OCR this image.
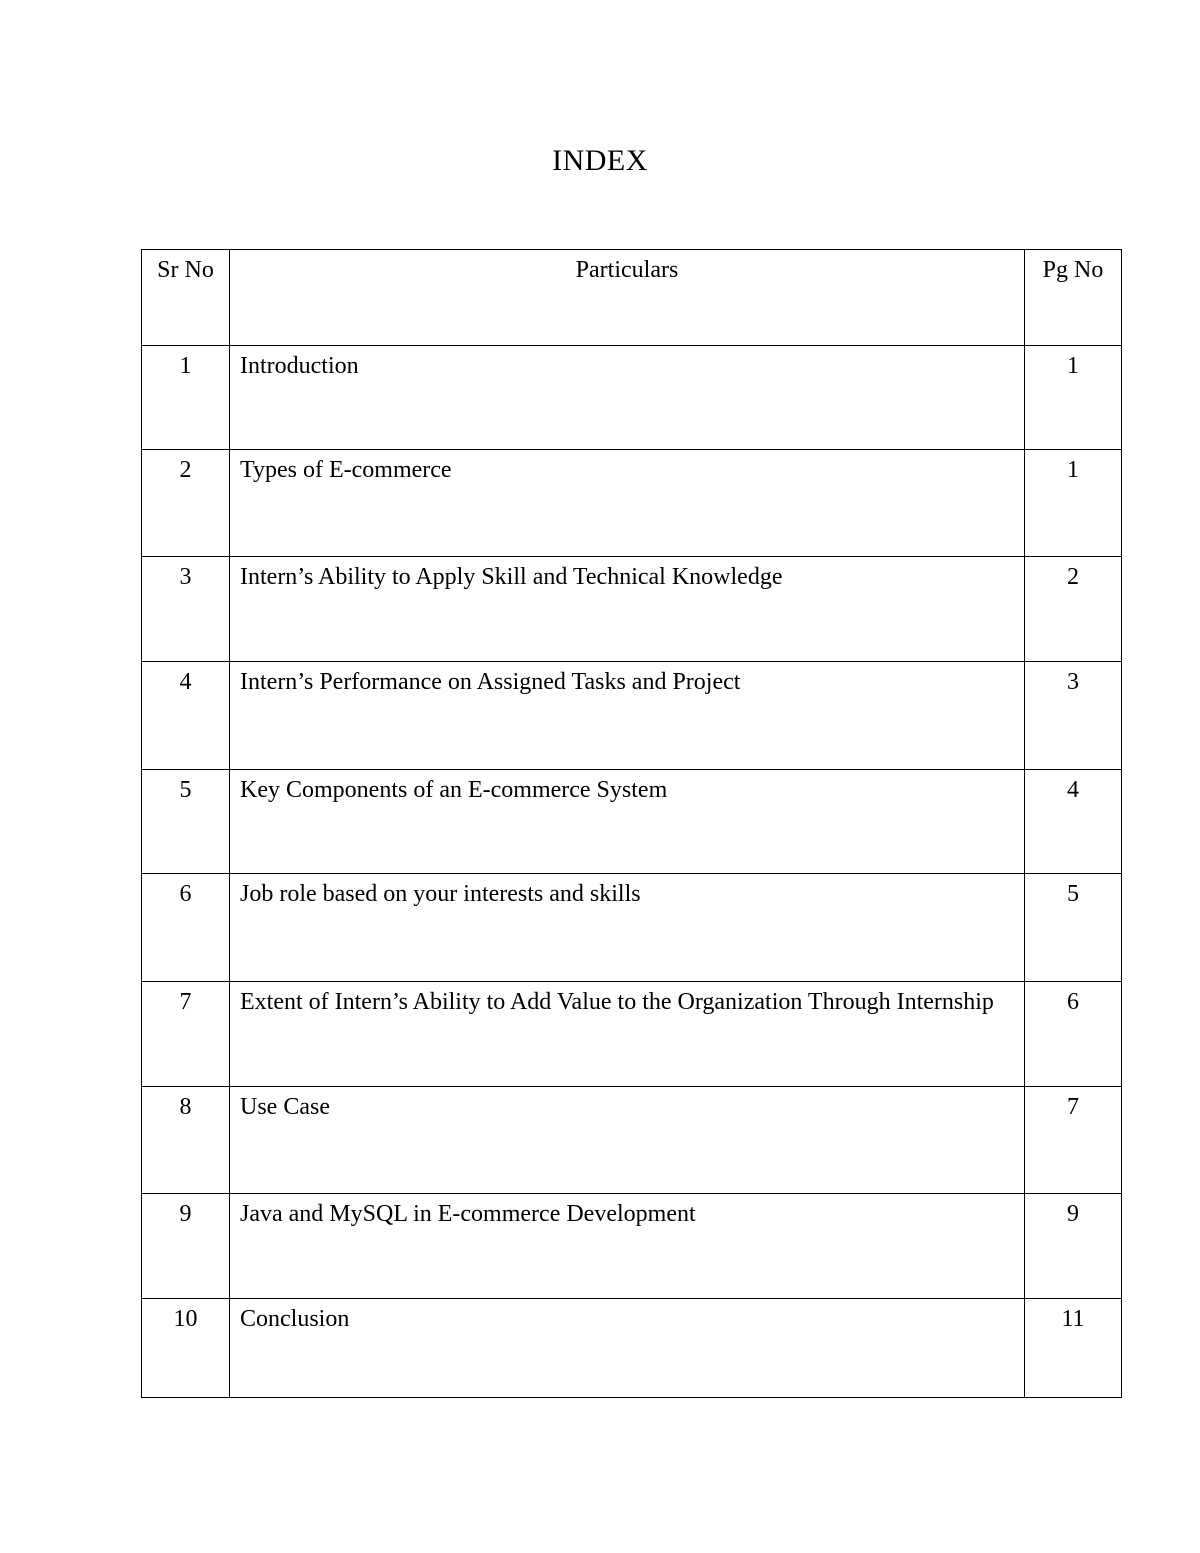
INDEX
Sr No	Particulars	Pg No
1	Introduction	1
2	Types of E-commerce	1
3	Intern’s Ability to Apply Skill and Technical Knowledge	2
4	Intern’s Performance on Assigned Tasks and Project	3
5	Key Components of an E-commerce System	4
6	Job role based on your interests and skills	5
7	Extent of Intern’s Ability to Add Value to the Organization Through Internship	6
8	Use Case	7
9	Java and MySQL in E-commerce Development	9
10	Conclusion	11
